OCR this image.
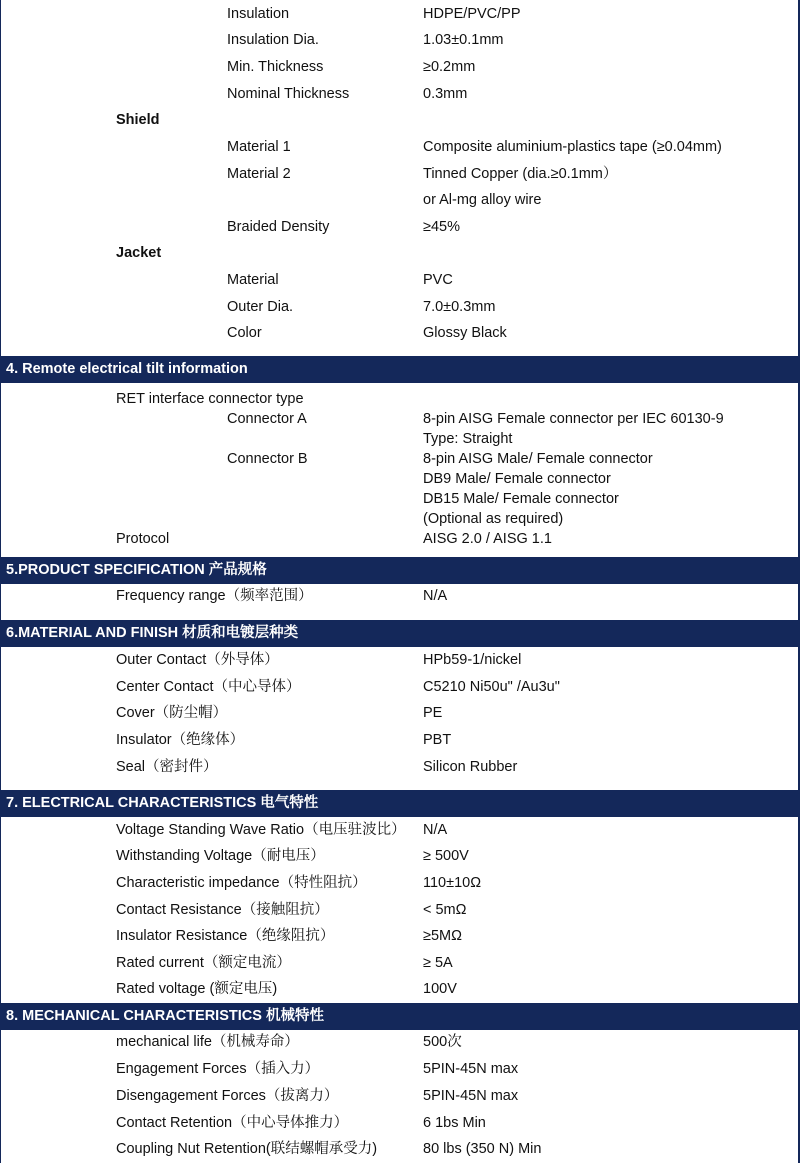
Insulation	HDPE/PVC/PP
Insulation Dia.	1.03±0.1mm
Min. Thickness	≥0.2mm
Nominal Thickness	0.3mm
Shield
Material 1	Composite aluminium-plastics tape (≥0.04mm)
Material 2	Tinned Copper (dia.≥0.1mm）
or Al-mg alloy wire
Braided Density	≥45%
Jacket
Material	PVC
Outer Dia.	7.0±0.3mm
Color	Glossy Black
4. Remote electrical tilt information
RET interface connector type
Connector A	8-pin AISG Female connector per IEC 60130-9
Type: Straight
Connector B	8-pin AISG Male/ Female connector
DB9 Male/ Female connector
DB15 Male/ Female connector
(Optional as required)
Protocol	AISG 2.0 / AISG 1.1
5.PRODUCT SPECIFICATION 产品规格
Frequency range（频率范围）	N/A
6.MATERIAL AND FINISH 材质和电镀层种类
Outer Contact（外导体）	HPb59-1/nickel
Center Contact（中心导体）	C5210 Ni50u" /Au3u"
Cover（防尘帽）	PE
Insulator（绝缘体）	PBT
Seal（密封件）	Silicon Rubber
7. ELECTRICAL CHARACTERISTICS 电气特性
Voltage Standing Wave Ratio（电压驻波比） N/A
Withstanding Voltage（耐电压）	≥ 500V
Characteristic impedance（特性阻抗）	110±10Ω
Contact Resistance（接触阻抗）	< 5mΩ
Insulator Resistance（绝缘阻抗）	≥5MΩ
Rated current（额定电流）	≥ 5A
Rated voltage (额定电压)	100V
8. MECHANICAL CHARACTERISTICS 机械特性
mechanical life（机械寿命）	500次
Engagement Forces（插入力）	5PIN-45N max
Disengagement Forces（拔离力）	5PIN-45N max
Contact Retention（中心导体推力）	6 1bs Min
Coupling Nut Retention(联结螺帽承受力)	80 lbs (350 N) Min
